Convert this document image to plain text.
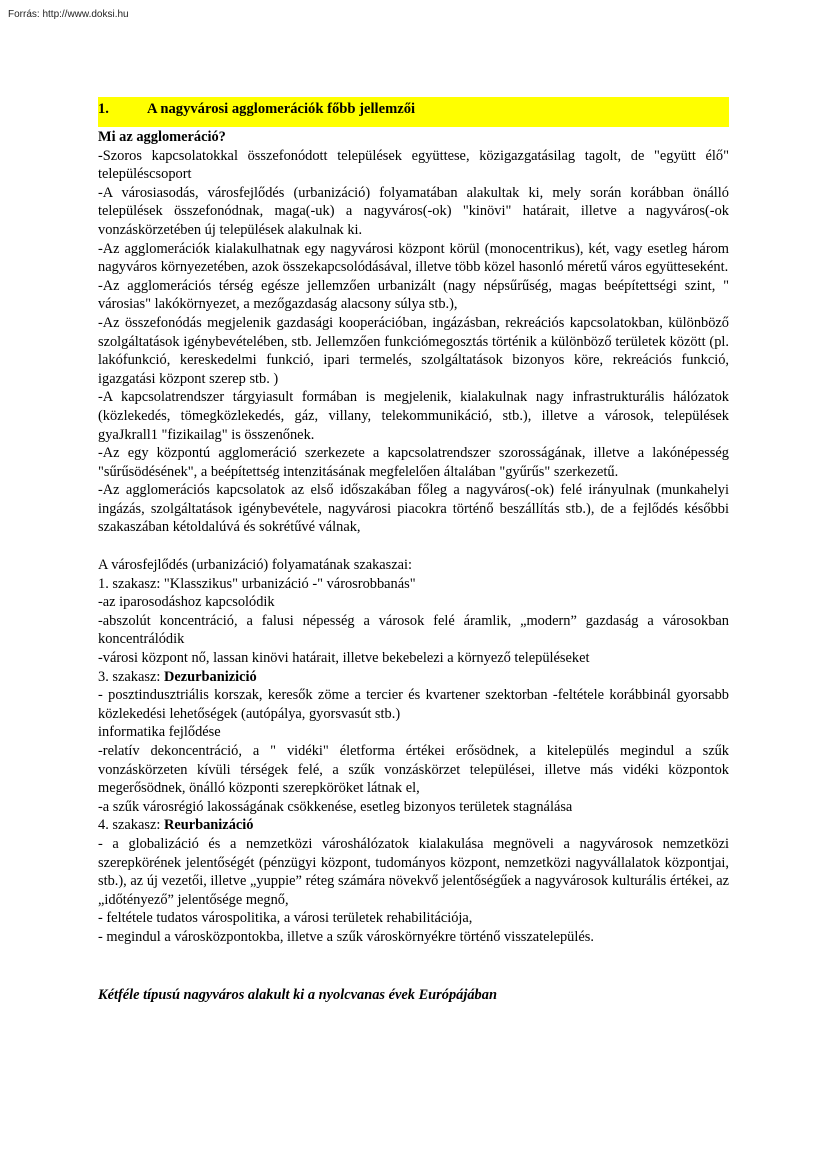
Forrás: http://www.doksi.hu
1.	A nagyvárosi agglomerációk főbb jellemzői
Mi az agglomeráció?

-Szoros kapcsolatokkal összefonódott települések együttese, közigazgatásilag tagolt, de "együtt élő" településcsoport

-A városiasodás, városfejlődés (urbanizáció) folyamatában alakultak ki, mely során korábban önálló települések összefonódnak, maga(-uk) a nagyváros(-ok) "kinövi" határait, illetve a nagyváros(-ok vonzáskörzetében új települések alakulnak ki.

-Az agglomerációk kialakulhatnak egy nagyvárosi központ körül (monocentrikus), két, vagy esetleg három nagyváros környezetében, azok összekapcsolódásával, illetve több közel hasonló méretű város együtteseként.

-Az agglomerációs térség egésze jellemzően urbanizált (nagy népsűrűség, magas beépítettségi szint, " városias" lakókörnyezet, a mezőgazdaság alacsony súlya stb.),

-Az összefonódás megjelenik gazdasági kooperációban, ingázásban, rekreációs kapcsolatokban, különböző szolgáltatások igénybevételében, stb. Jellemzően funkciómegosztás történik a különböző területek között (pl. lakófunkció, kereskedelmi funkció, ipari termelés, szolgáltatások bizonyos köre, rekreációs funkció, igazgatási központ szerep stb. )

-A kapcsolatrendszer tárgyiasult formában is megjelenik, kialakulnak nagy infrastrukturális hálózatok (közlekedés, tömegközlekedés, gáz, villany, telekommunikáció, stb.), illetve a városok, települések gyaJkrall1 "fizikailag" is összenőnek.

-Az egy központú agglomeráció szerkezete a kapcsolatrendszer szorosságának, illetve a lakónépesség "sűrűsödésének", a beépítettség intenzitásának megfelelően általában "gyűrűs" szerkezetű.

-Az agglomerációs kapcsolatok az első időszakában főleg a nagyváros(-ok) felé irányulnak (munkahelyi ingázás, szolgáltatások igénybevétele, nagyvárosi piacokra történő beszállítás stb.), de a fejlődés későbbi szakaszában kétoldalúvá és sokrétűvé válnak,

A városfejlődés (urbanizáció) folyamatának szakaszai:

1. szakasz: "Klasszikus" urbanizáció -" városrobbanás"

-az iparosodáshoz kapcsolódik

-abszolút koncentráció, a falusi népesség a városok felé áramlik, „modern” gazdaság a városokban koncentrálódik

-városi központ nő, lassan kinövi határait, illetve bekebelezi a környező településeket

3. szakasz: Dezurbanizició

- posztindusztriális korszak, keresők zöme a tercier és kvartener szektorban -feltétele korábbinál gyorsabb közlekedési lehetőségek (autópálya, gyorsvasút stb.)

informatika fejlődése

-relatív dekoncentráció, a " vidéki" életforma értékei erősödnek, a kitelepülés megindul a szűk vonzáskörzeten kívüli térségek felé, a szűk vonzáskörzet települései, illetve más vidéki központok megerősödnek, önálló központi szerepköröket látnak el,

-a szűk városrégió lakosságának csökkenése, esetleg bizonyos területek stagnálása

4. szakasz: Reurbanizáció

- a globalizáció és a nemzetközi városhálózatok kialakulása megnöveli a nagyvárosok nemzetközi szerepkörének jelentőségét (pénzügyi központ, tudományos központ, nemzetközi nagyvállalatok központjai, stb.), az új vezetői, illetve „yuppie” réteg számára növekvő jelentőségűek a nagyvárosok kulturális értékei, az „időtényező” jelentősége megnő,

- feltétele tudatos várospolitika, a városi területek rehabilitációja,

- megindul a városközpontokba, illetve a szűk városkörnyékre történő visszatelepülés.

Kétféle típusú nagyváros alakult ki a nyolcvanas évek Európájában
